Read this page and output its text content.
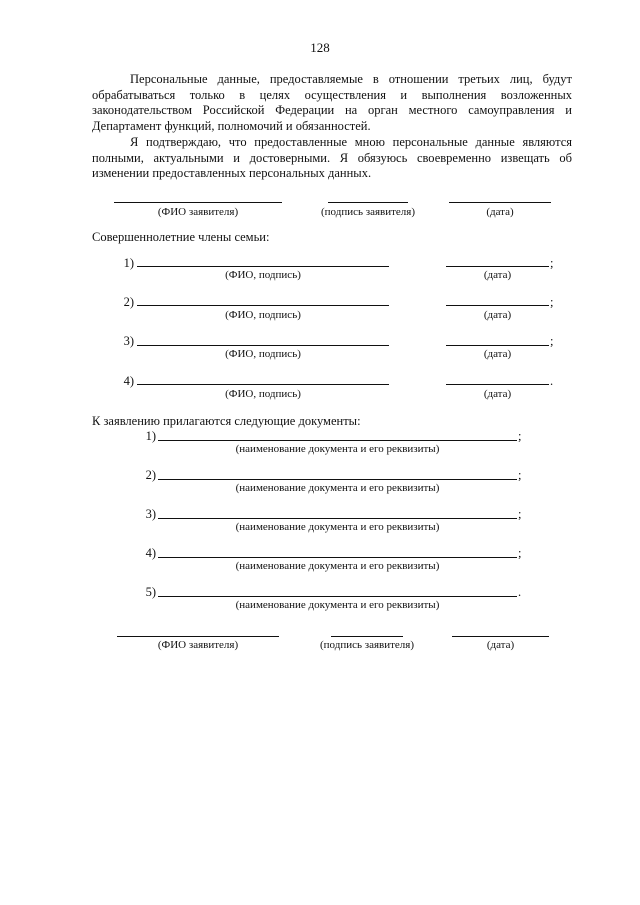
128
Персональные данные, предоставляемые в отношении третьих лиц, будут обрабатываться только в целях осуществления и выполнения возложенных законодательством Российской Федерации на орган местного самоуправления и Департамент функций, полномочий и обязанностей.
Я подтверждаю, что предоставленные мною персональные данные являются полными, актуальными и достоверными. Я обязуюсь своевременно извещать об изменении предоставленных персональных данных.
(ФИО заявителя)	(подпись заявителя)	(дата)
Совершеннолетние члены семьи:
1)	;
(ФИО, подпись)	(дата)
2)	;
(ФИО, подпись)	(дата)
3)	;
(ФИО, подпись)	(дата)
4)	.
(ФИО, подпись)	(дата)
К заявлению прилагаются следующие документы:
1)	;
(наименование документа и его реквизиты)
2)	;
(наименование документа и его реквизиты)
3)	;
(наименование документа и его реквизиты)
4)	;
(наименование документа и его реквизиты)
5)	.
(наименование документа и его реквизиты)
(ФИО заявителя)	(подпись заявителя)	(дата)
